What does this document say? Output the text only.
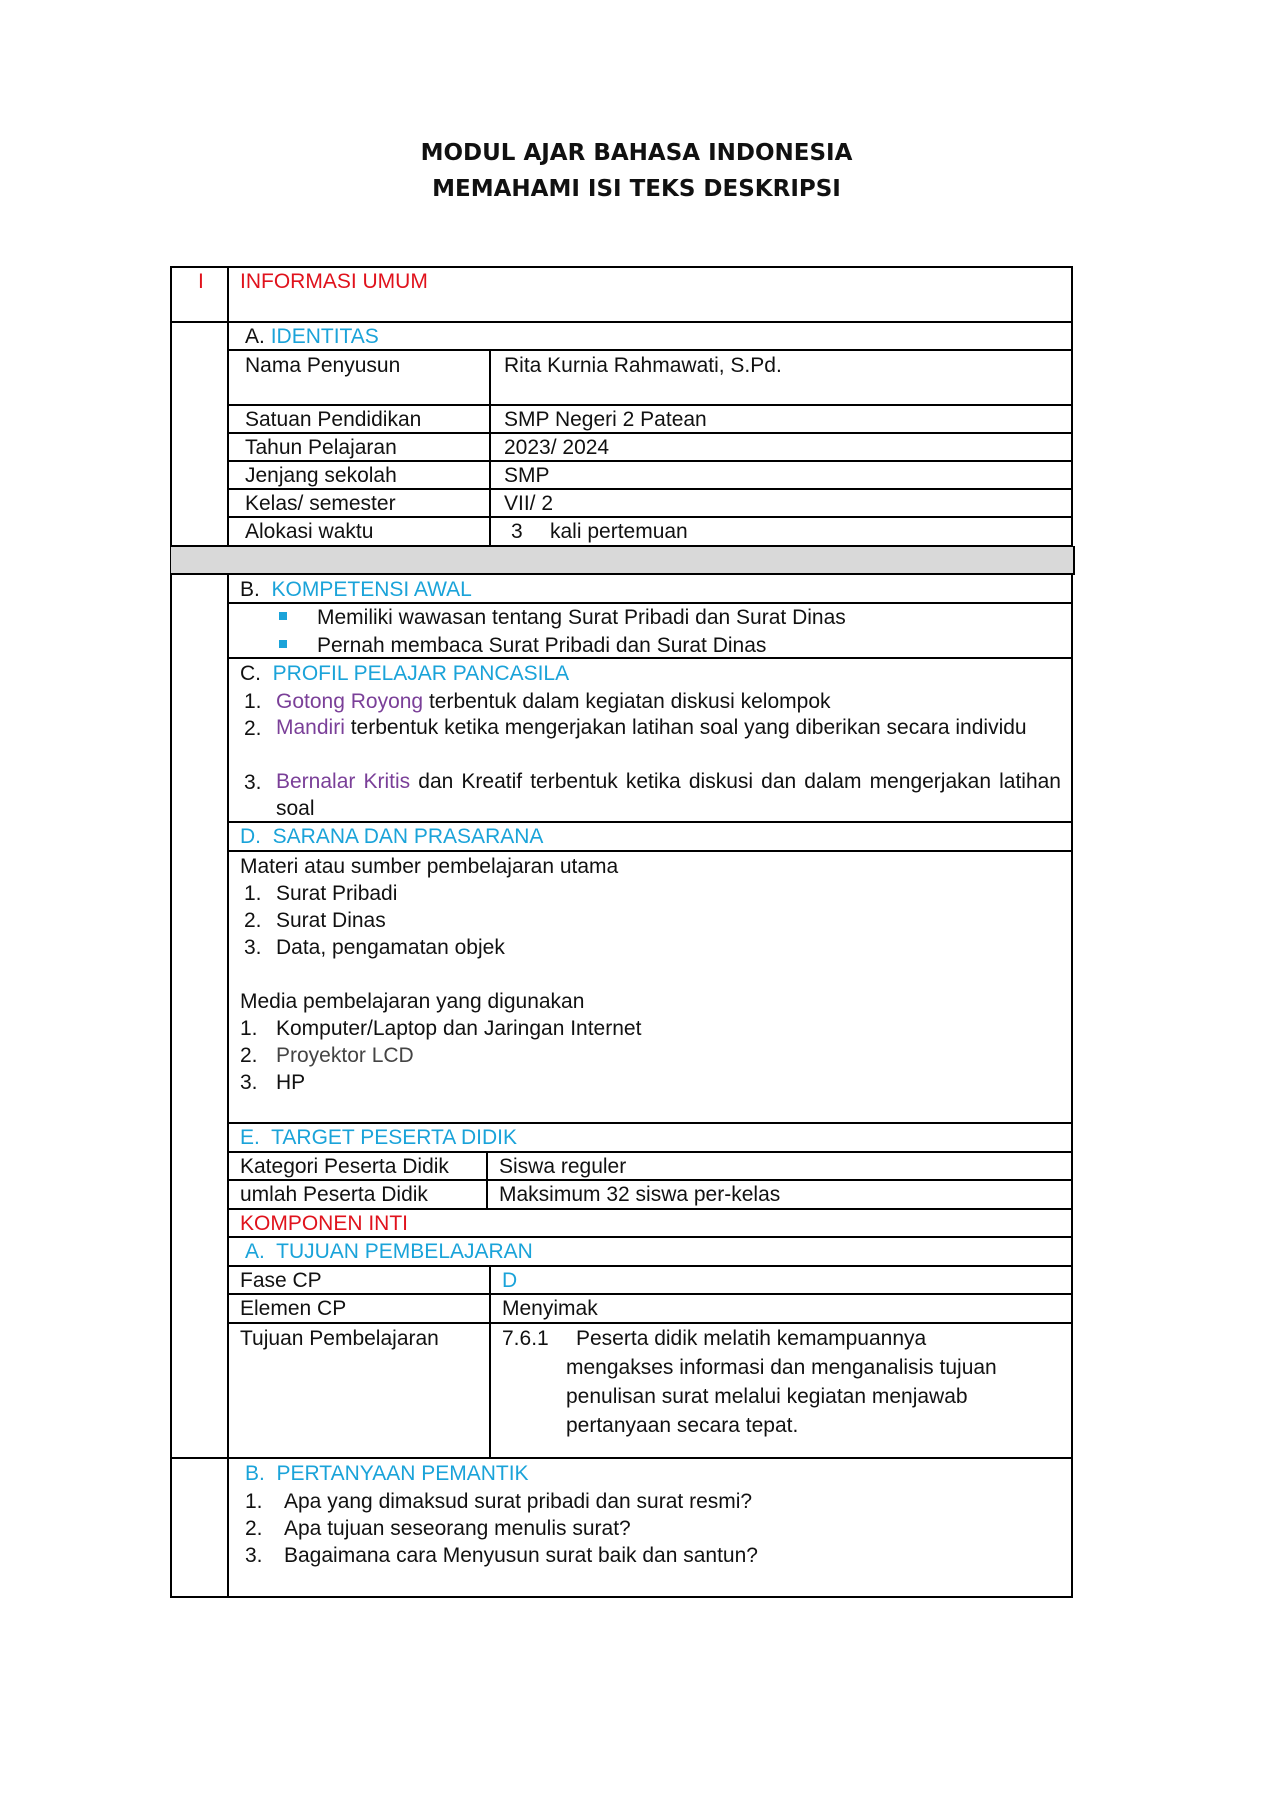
MODUL AJAR BAHASA INDONESIA
MEMAHAMI ISI TEKS DESKRIPSI
I INFORMASI UMUM
A. IDENTITAS
Nama Penyusun	Rita Kurnia Rahmawati, S.Pd.
Satuan Pendidikan	SMP Negeri 2 Patean
Tahun Pelajaran	2023/ 2024
Jenjang sekolah	SMP
Kelas/ semester	VII/ 2
Alokasi waktu	3 kali pertemuan
B. KOMPETENSI AWAL
Memiliki wawasan tentang Surat Pribadi dan Surat Dinas
Pernah membaca Surat Pribadi dan Surat Dinas
C. PROFIL PELAJAR PANCASILA
1. Gotong Royong terbentuk dalam kegiatan diskusi kelompok
2. Mandiri terbentuk ketika mengerjakan latihan soal yang diberikan secara individu
3. Bernalar Kritis dan Kreatif terbentuk ketika diskusi dan dalam mengerjakan latihan soal
D.  SARANA DAN PRASARANA
Materi atau sumber pembelajaran utama
1. Surat Pribadi
2. Surat Dinas
3. Data, pengamatan objek
Media pembelajaran yang digunakan
1. Komputer/Laptop dan Jaringan Internet
2. Proyektor LCD
3. HP
E.  TARGET PESERTA DIDIK
Kategori Peserta Didik Siswa reguler
umlah Peserta Didik	Maksimum 32 siswa per-kelas
KOMPONEN INTI
A.  TUJUAN PEMBELAJARAN
Fase CP	D
Elemen CP	Menyimak
Tujuan Pembelajaran	7.6.1 Peserta didik melatih kemampuannya
mengakses informasi dan menganalisis tujuan
penulisan surat melalui kegiatan menjawab
pertanyaan secara tepat.
B.  PERTANYAAN PEMANTIK
1. Apa yang dimaksud surat pribadi dan surat resmi?
2. Apa tujuan seseorang menulis surat?
3. Bagaimana cara Menyusun surat baik dan santun?
